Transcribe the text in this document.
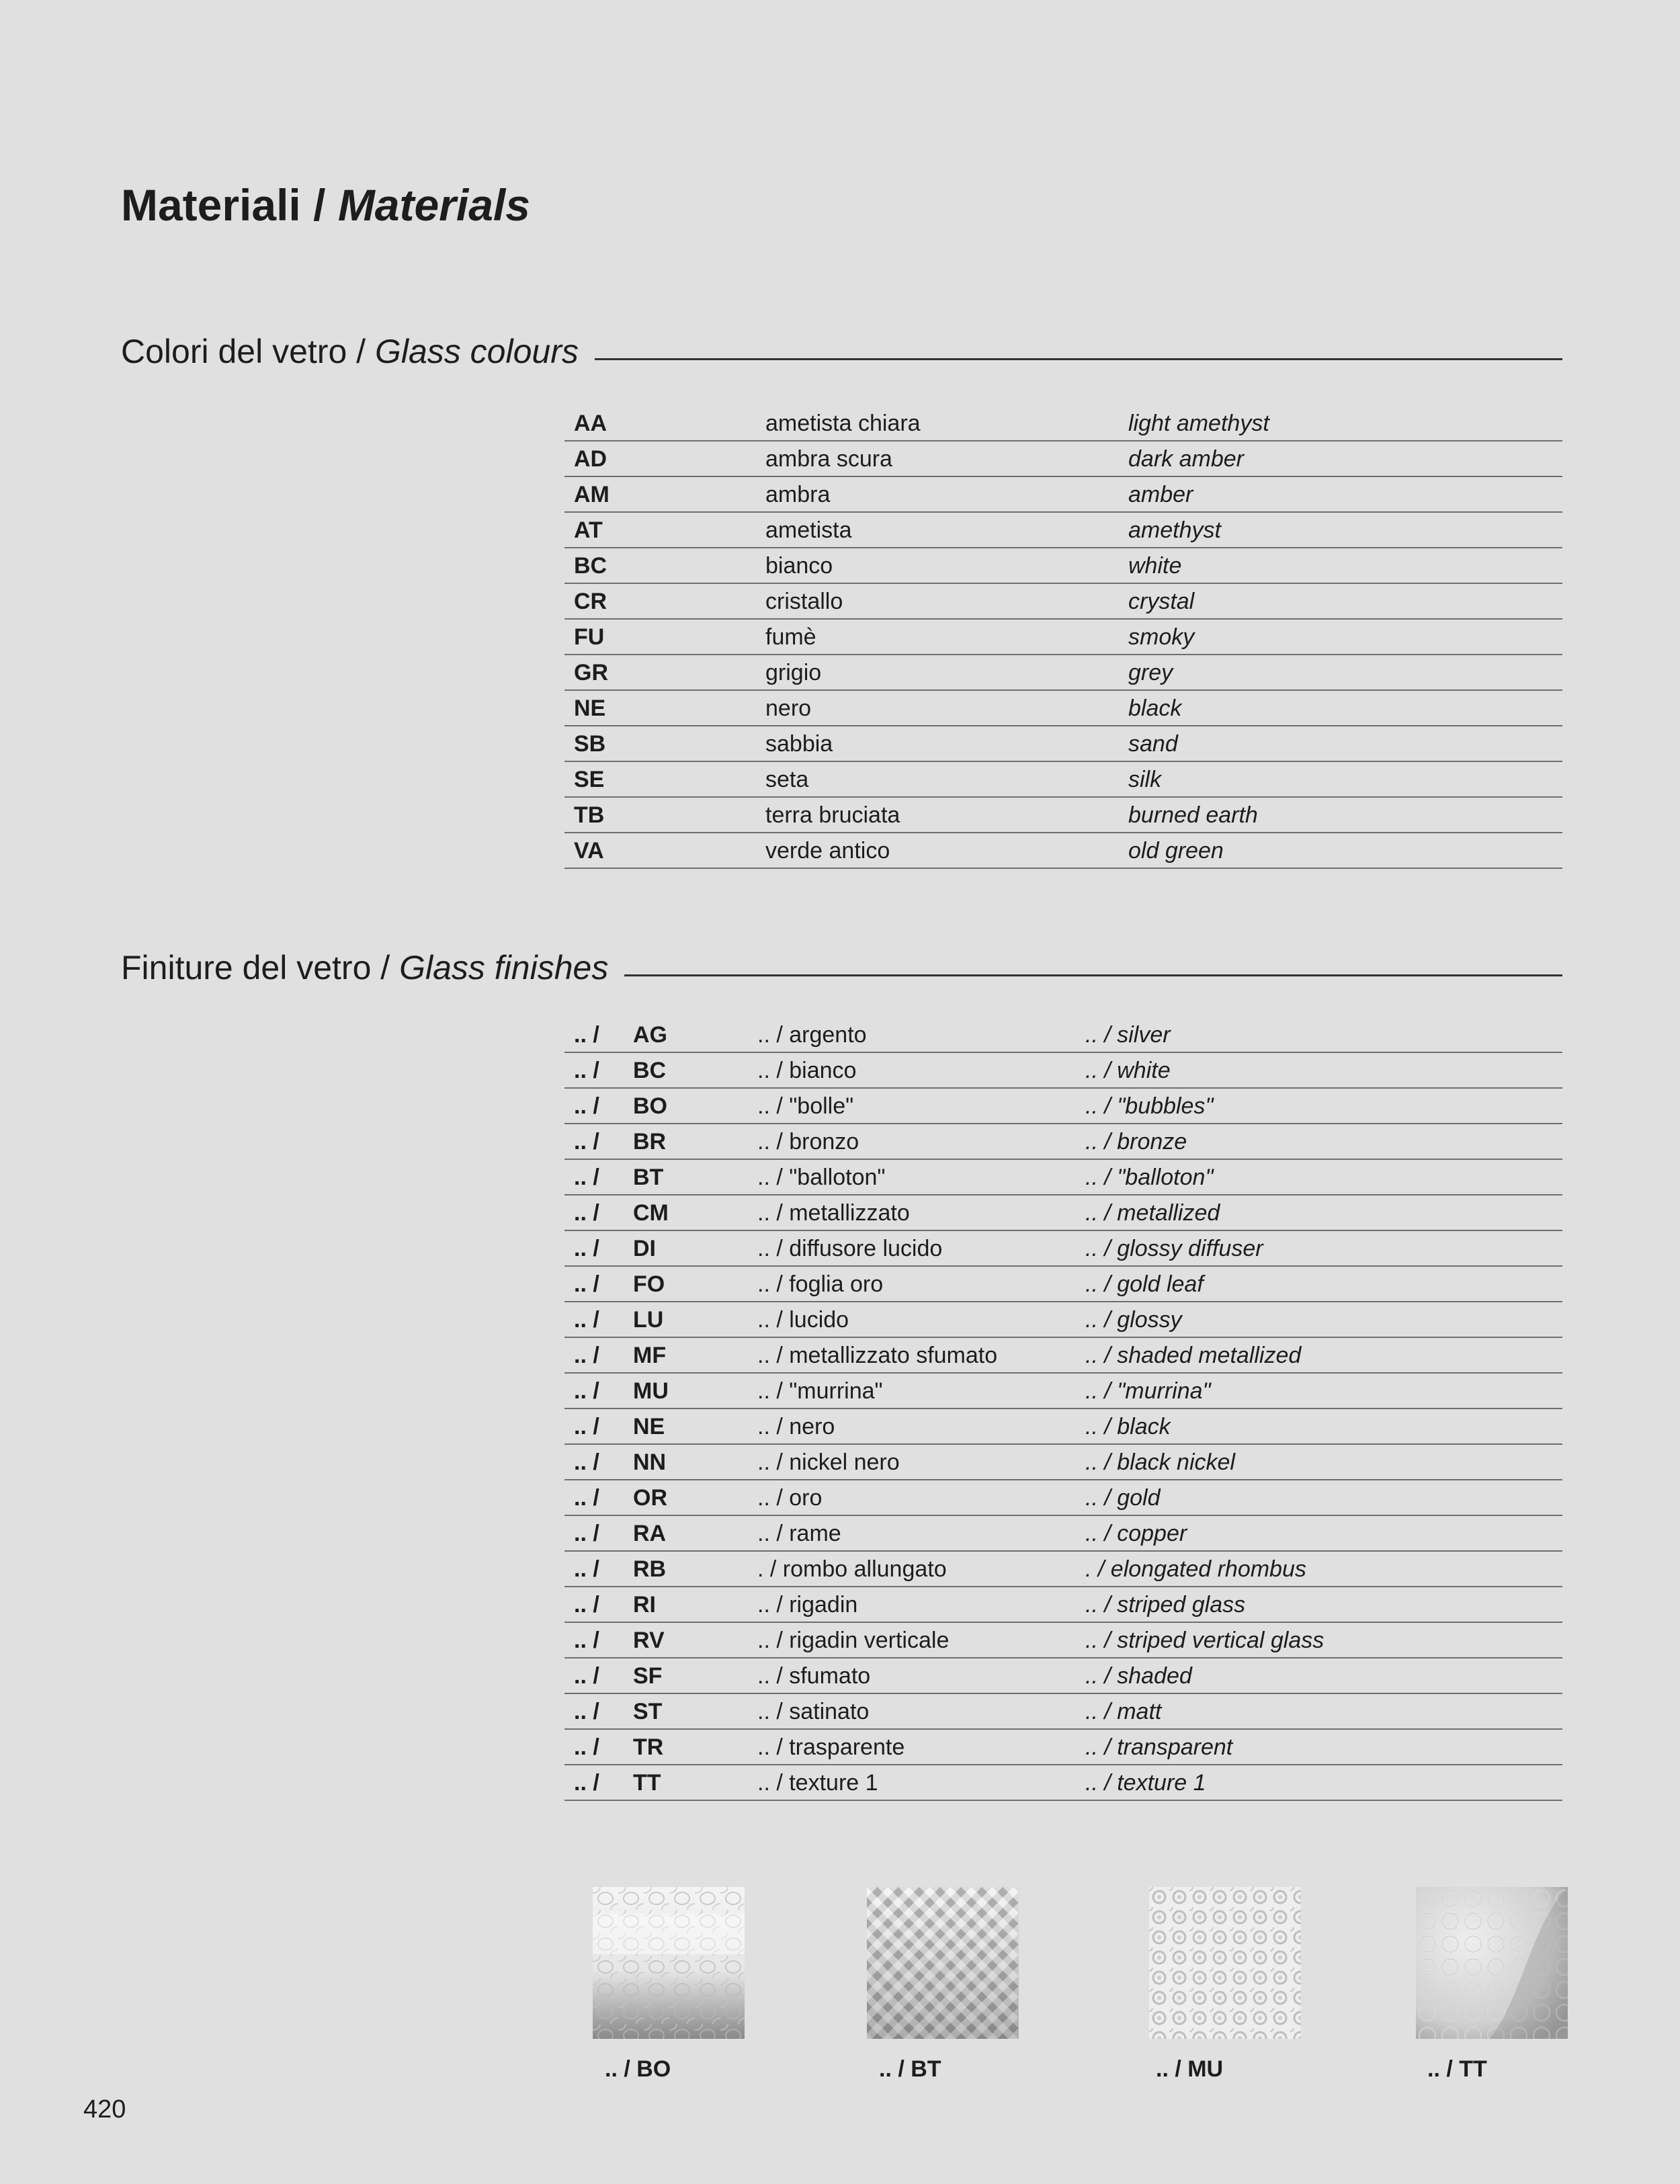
Materiali / Materials
Colori del vetro / Glass colours
AA	ametista chiara	light amethyst
AD	ambra scura	dark amber
AM	ambra	amber
AT	ametista	amethyst
BC	bianco	white
CR	cristallo	crystal
FU	fumè	smoky
GR	grigio	grey
NE	nero	black
SB	sabbia	sand
SE	seta	silk
TB	terra bruciata	burned earth
VA	verde antico	old green
Finiture del vetro / Glass finishes
.. /	AG	.. / argento	.. / silver
.. /	BC	.. / bianco	.. / white
.. /	BO	.. / "bolle"	.. / "bubbles"
.. /	BR	.. / bronzo	.. / bronze
.. /	BT	.. / "balloton"	.. / "balloton"
.. /	CM	.. / metallizzato	.. / metallized
.. /	DI	.. / diffusore lucido	.. / glossy diffuser
.. /	FO	.. / foglia oro	.. / gold leaf
.. /	LU	.. / lucido	.. / glossy
.. /	MF	.. / metallizzato sfumato	.. / shaded metallized
.. /	MU	.. / "murrina"	.. / "murrina"
.. /	NE	.. / nero	.. / black
.. /	NN	.. / nickel nero	.. / black nickel
.. /	OR	.. / oro	.. / gold
.. /	RA	.. / rame	.. / copper
.. /	RB	. / rombo allungato	. / elongated rhombus
.. /	RI	.. / rigadin	.. / striped glass
.. /	RV	.. / rigadin verticale	.. / striped vertical glass
.. /	SF	.. / sfumato	.. / shaded
.. /	ST	.. / satinato	.. / matt
.. /	TR	.. / trasparente	.. / transparent
.. /	TT	.. / texture 1	.. / texture 1
.. / BO	.. / BT	.. / MU	.. / TT
420
